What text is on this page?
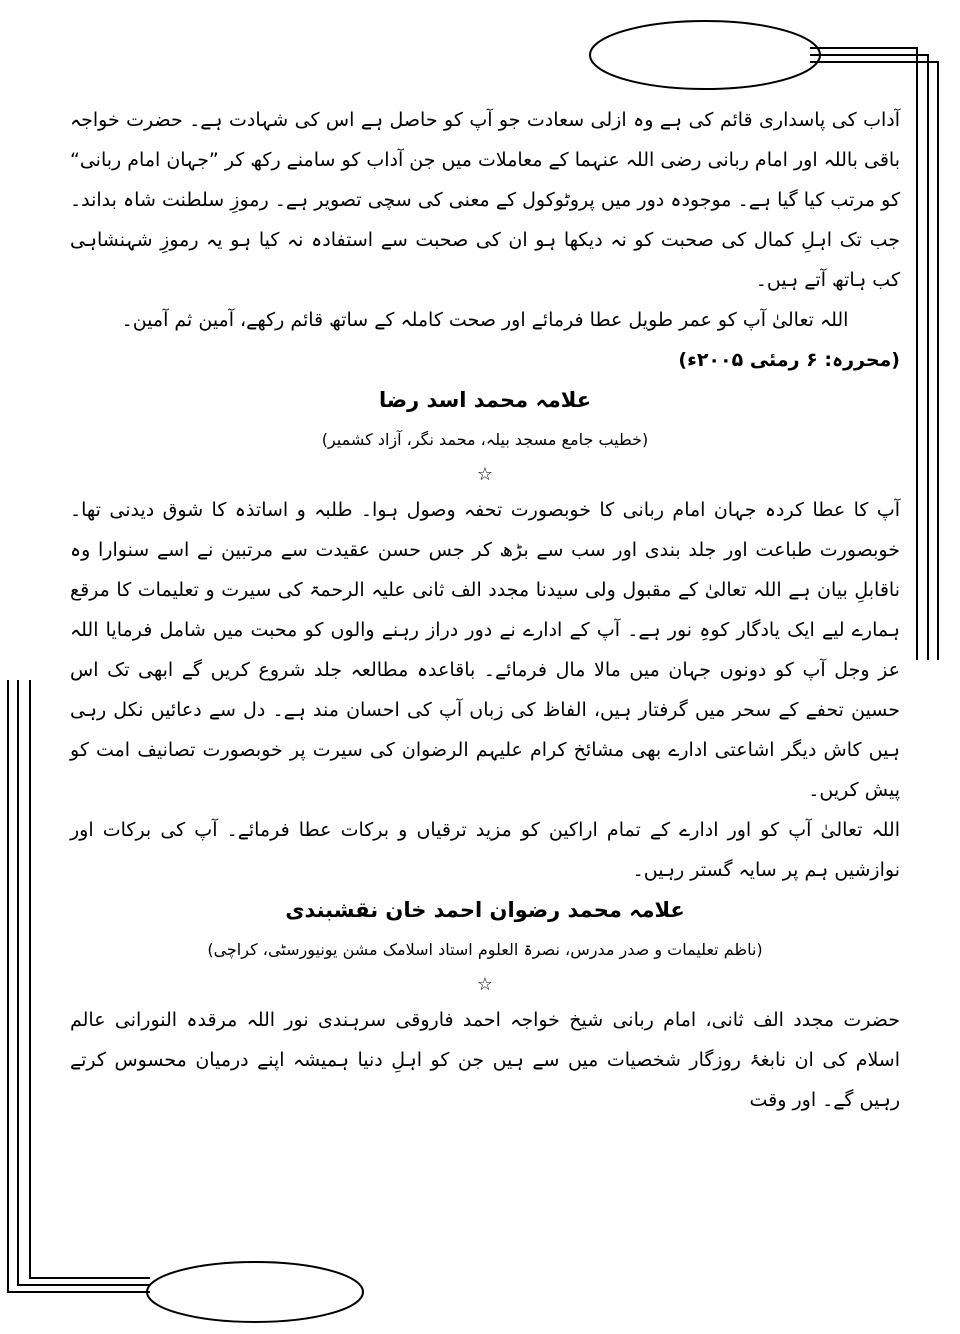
آداب کی پاسداری قائم کی ہے وہ ازلی سعادت جو آپ کو حاصل ہے اس کی شہادت ہے۔ حضرت خواجہ باقی باللہ اور امام ربانی رضی اللہ عنہما کے معاملات میں جن آداب کو سامنے رکھ کر ”جہان امام ربانی“ کو مرتب کیا گیا ہے۔ موجودہ دور میں پروٹوکول کے معنی کی سچی تصویر ہے۔ رموزِ سلطنت شاہ بداند۔ جب تک اہلِ کمال کی صحبت کو نہ دیکھا ہو ان کی صحبت سے استفادہ نہ کیا ہو یہ رموزِ شہنشاہی کب ہاتھ آتے ہیں۔

اللہ تعالیٰ آپ کو عمر طویل عطا فرمائے اور صحت کاملہ کے ساتھ قائم رکھے، آمین ثم آمین۔

(محررہ: ۶ رمئی ۲۰۰۵ء)

علامہ محمد اسد رضا

(خطیب جامع مسجد بیلہ، محمد نگر، آزاد کشمیر)

☆

آپ کا عطا کردہ جہان امام ربانی کا خوبصورت تحفہ وصول ہوا۔ طلبہ و اساتذہ کا شوق دیدنی تھا۔ خوبصورت طباعت اور جلد بندی اور سب سے بڑھ کر جس حسن عقیدت سے مرتبین نے اسے سنوارا وہ ناقابلِ بیان ہے اللہ تعالیٰ کے مقبول ولی سیدنا مجدد الف ثانی علیہ الرحمۃ کی سیرت و تعلیمات کا مرقع ہمارے لیے ایک یادگار کوہِ نور ہے۔ آپ کے ادارے نے دور دراز رہنے والوں کو محبت میں شامل فرمایا اللہ عز وجل آپ کو دونوں جہان میں مالا مال فرمائے۔ باقاعدہ مطالعہ جلد شروع کریں گے ابھی تک اس حسین تحفے کے سحر میں گرفتار ہیں، الفاظ کی زباں آپ کی احسان مند ہے۔ دل سے دعائیں نکل رہی ہیں کاش دیگر اشاعتی ادارے بھی مشائخ کرام علیہم الرضوان کی سیرت پر خوبصورت تصانیف امت کو پیش کریں۔

اللہ تعالیٰ آپ کو اور ادارے کے تمام اراکین کو مزید ترقیاں و برکات عطا فرمائے۔ آپ کی برکات اور نوازشیں ہم پر سایہ گستر رہیں۔

علامہ محمد رضوان احمد خان نقشبندی

(ناظم تعلیمات و صدر مدرس، نصرۃ العلوم استاد اسلامک مشن یونیورسٹی، کراچی)

☆

حضرت مجدد الف ثانی، امام ربانی شیخ خواجہ احمد فاروقی سرہندی نور اللہ مرقدہ النورانی عالم اسلام کی ان نابغۂ روزگار شخصیات میں سے ہیں جن کو اہلِ دنیا ہمیشہ اپنے درمیان محسوس کرتے رہیں گے۔ اور وقت
